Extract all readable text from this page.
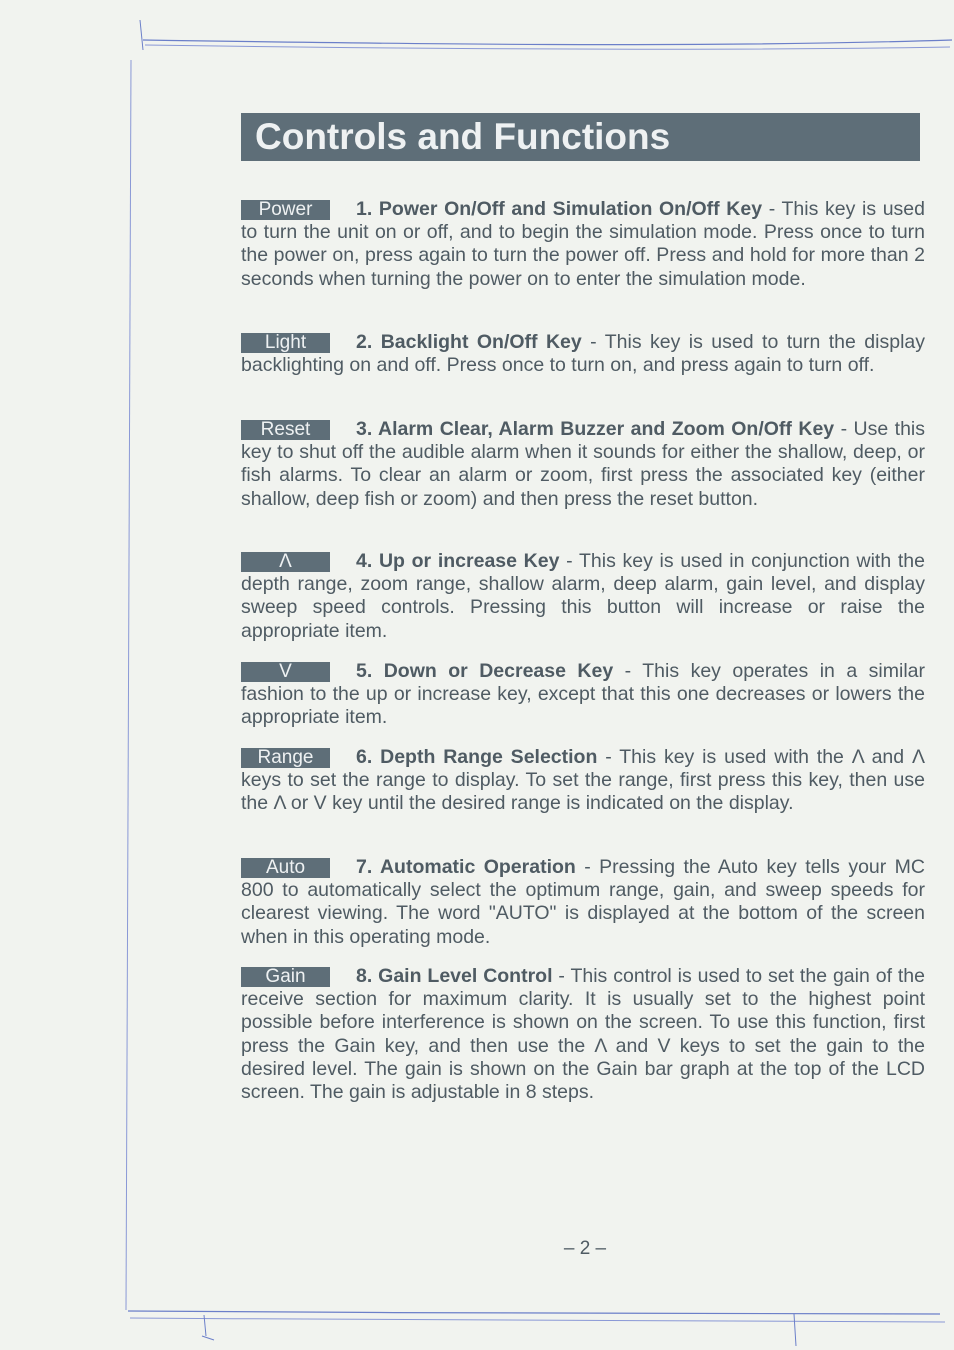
Controls and Functions
Power 1. Power On/Off and Simulation On/Off Key - This key is used to turn the unit on or off, and to begin the simulation mode. Press once to turn the power on, press again to turn the power off. Press and hold for more than 2 seconds when turning the power on to enter the simulation mode.
Light	2. Backlight On/Off Key - This key is used to turn the display backlighting on and off. Press once to turn on, and press again to turn off.
Reset 3. Alarm Clear, Alarm Buzzer and Zoom On/Off Key - Use this key to shut off the audible alarm when it sounds for either the shallow, deep, or fish alarms. To clear an alarm or zoom, first press the associated key (either shallow, deep fish or zoom) and then press the reset button.
Λ	4. Up or increase Key - This key is used in conjunction with the depth range, zoom range, shallow alarm, deep alarm, gain level, and display sweep speed controls. Pressing this button will increase or raise the appropriate item.
V	5. Down or Decrease Key - This key operates in a similar fashion to the up or increase key, except that this one decreases or lowers the appropriate item.
Range 6. Depth Range Selection - This key is used with the Λ and Λ keys to set the range to display. To set the range, first press this key, then use the Λ or V key until the desired range is indicated on the display.
Auto	7. Automatic Operation - Pressing the Auto key tells your MC 800 to automatically select the optimum range, gain, and sweep speeds for clearest viewing. The word "AUTO" is displayed at the bottom of the screen when in this operating mode.
Gain	8. Gain Level Control - This control is used to set the gain of the receive section for maximum clarity. It is usually set to the highest point possible before interference is shown on the screen. To use this function, first press the Gain key, and then use the Λ and V keys to set the gain to the desired level. The gain is shown on the Gain bar graph at the top of the LCD screen. The gain is adjustable in 8 steps.
– 2 –
